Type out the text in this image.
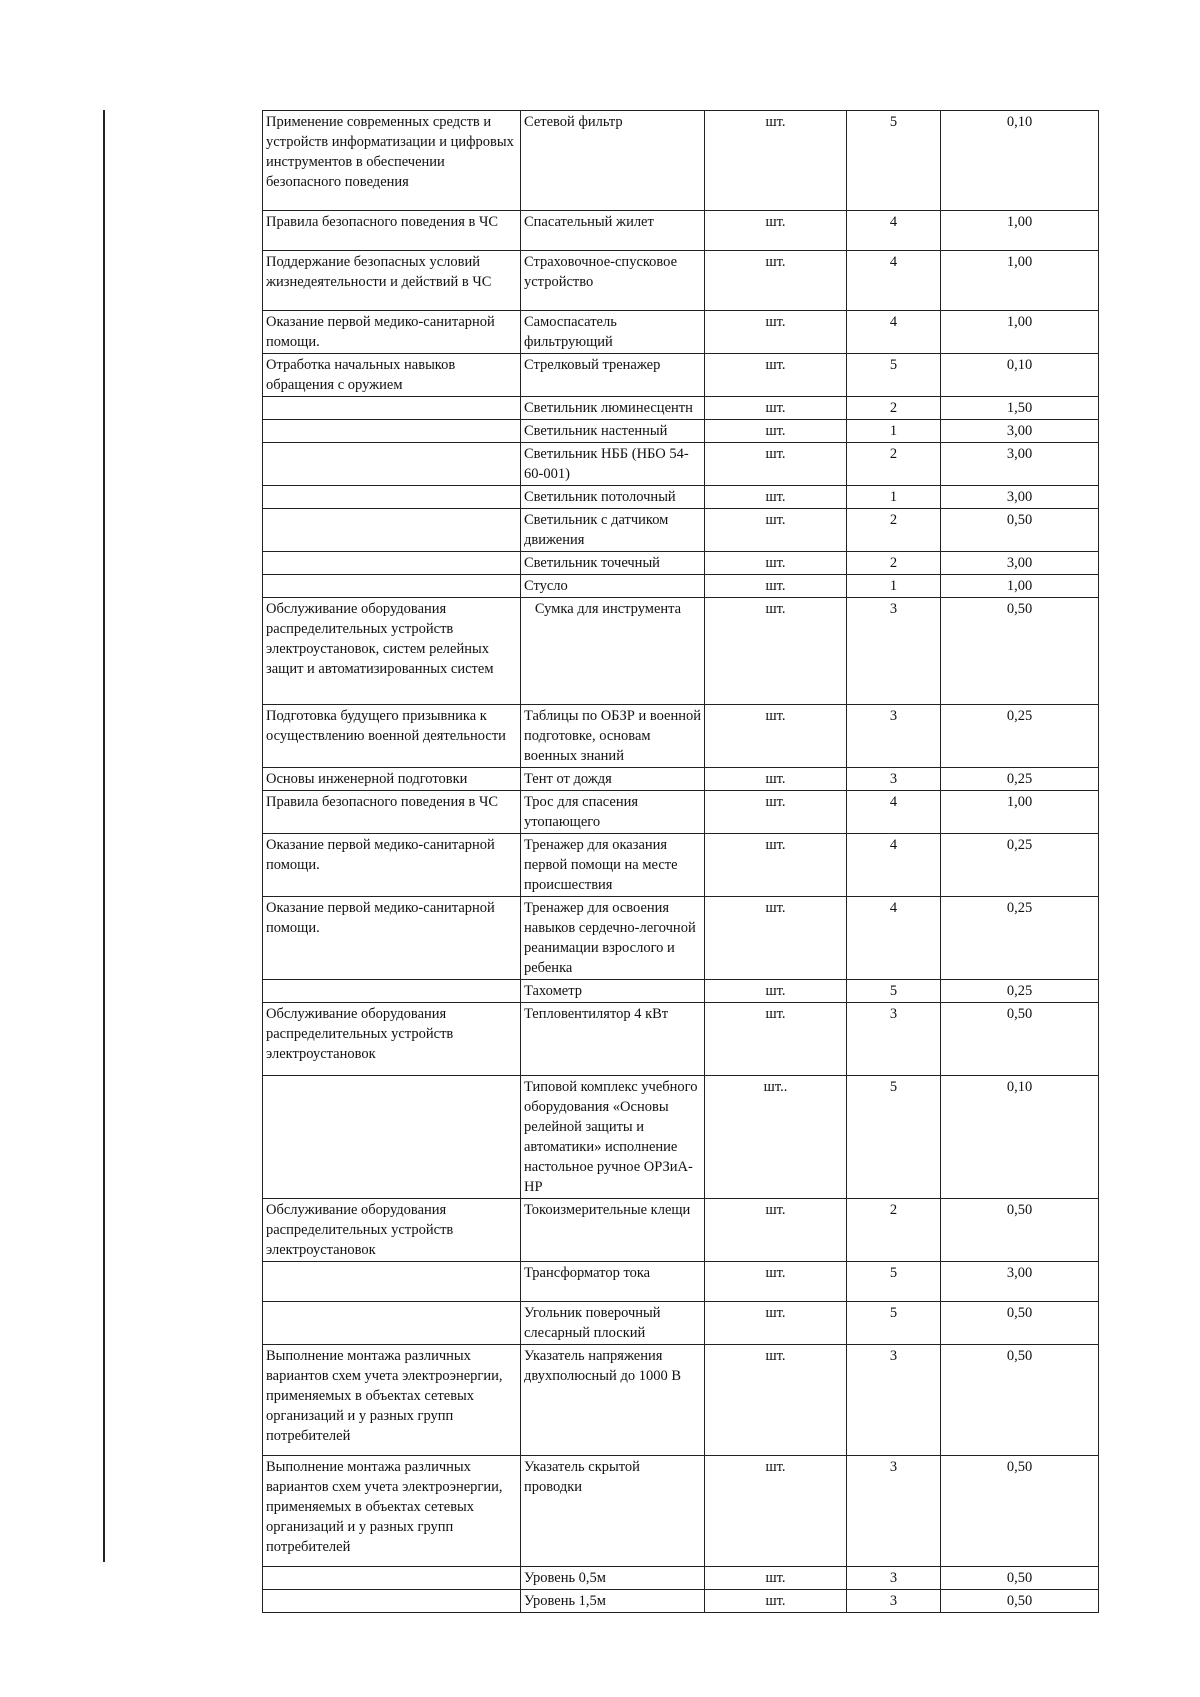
Применение современных средств и устройств информатизации и цифровых инструментов в обеспечении безопасного поведения	Сетевой фильтр	шт.	5	0,10
Правила безопасного поведения в ЧС	Спасательный жилет	шт.	4	1,00
Поддержание безопасных условий жизнедеятельности и действий в ЧС	Страховочное-спусковое устройство	шт.	4	1,00
Оказание первой медико-санитарной помощи.	Самоспасатель фильтрующий	шт.	4	1,00
Отработка начальных навыков обращения с оружием	Стрелковый тренажер	шт.	5	0,10
	Светильник люминесцентн	шт.	2	1,50
	Светильник настенный	шт.	1	3,00
	Светильник НББ (НБО 54-60-001)	шт.	2	3,00
	Светильник потолочный	шт.	1	3,00
	Светильник с датчиком движения	шт.	2	0,50
	Светильник точечный	шт.	2	3,00
	Стусло	шт.	1	1,00
Обслуживание оборудования распределительных устройств электроустановок, систем релейных защит и автоматизированных систем	Сумка для инструмента	шт.	3	0,50
Подготовка будущего призывника к осуществлению военной деятельности	Таблицы по ОБЗР и военной подготовке, основам военных знаний	шт.	3	0,25
Основы инженерной подготовки	Тент от дождя	шт.	3	0,25
Правила безопасного поведения в ЧС	Трос для спасения утопающего	шт.	4	1,00
Оказание первой медико-санитарной помощи.	Тренажер для оказания первой помощи на месте происшествия	шт.	4	0,25
Оказание первой медико-санитарной помощи.	Тренажер для освоения навыков сердечно-легочной реанимации взрослого и ребенка	шт.	4	0,25
	Тахометр	шт.	5	0,25
Обслуживание оборудования распределительных устройств электроустановок	Тепловентилятор 4 кВт	шт.	3	0,50
	Типовой комплекс учебного оборудования «Основы релейной защиты и автоматики» исполнение настольное ручное ОРЗиА-НР	шт..	5	0,10
Обслуживание оборудования распределительных устройств электроустановок	Токоизмерительные клещи	шт.	2	0,50
	Трансформатор тока	шт.	5	3,00
	Угольник поверочный слесарный плоский	шт.	5	0,50
Выполнение монтажа различных вариантов схем учета электроэнергии, применяемых в объектах сетевых организаций и у разных групп потребителей	Указатель напряжения двухполюсный до 1000 В	шт.	3	0,50
Выполнение монтажа различных вариантов схем учета электроэнергии, применяемых в объектах сетевых организаций и у разных групп потребителей	Указатель скрытой проводки	шт.	3	0,50
	Уровень 0,5м	шт.	3	0,50
	Уровень 1,5м	шт.	3	0,50
